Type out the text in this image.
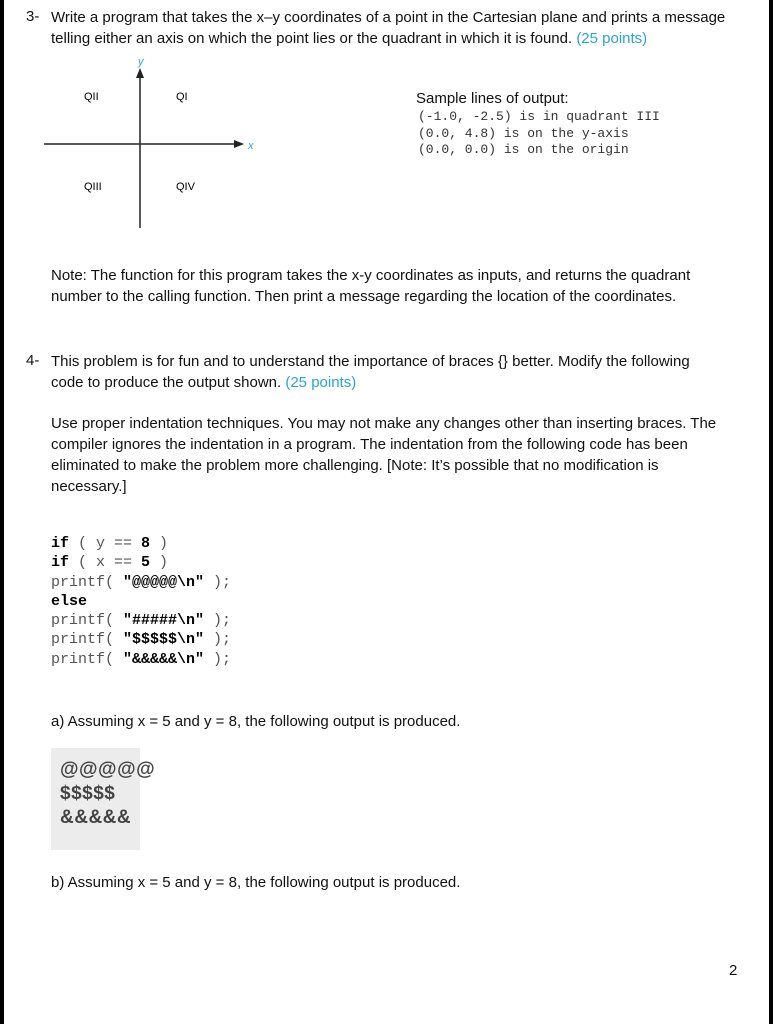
3- Write a program that takes the x–y coordinates of a point in the Cartesian plane and prints a message
telling either an axis on which the point lies or the quadrant in which it is found. (25 points)
y
x
QII	QI
QIII	QIV
Sample lines of output:
(-1.0, -2.5) is in quadrant III
(0.0, 4.8) is on the y-axis
(0.0, 0.0) is on the origin
Note: The function for this program takes the x-y coordinates as inputs, and returns the quadrant
number to the calling function. Then print a message regarding the location of the coordinates.
4- This problem is for fun and to understand the importance of braces {} better. Modify the following
code to produce the output shown. (25 points)
Use proper indentation techniques. You may not make any changes other than inserting braces. The
compiler ignores the indentation in a program. The indentation from the following code has been
eliminated to make the problem more challenging. [Note: It’s possible that no modification is
necessary.]
if ( y == 8 )
if ( x == 5 )
printf( "@@@@@\n" );
else
printf( "#####\n" );
printf( "$$$$$\n" );
printf( "&&&&&\n" );
a) Assuming x = 5 and y = 8, the following output is produced.
@@@@@
$$$$$
&&&&&
b) Assuming x = 5 and y = 8, the following output is produced.
2
